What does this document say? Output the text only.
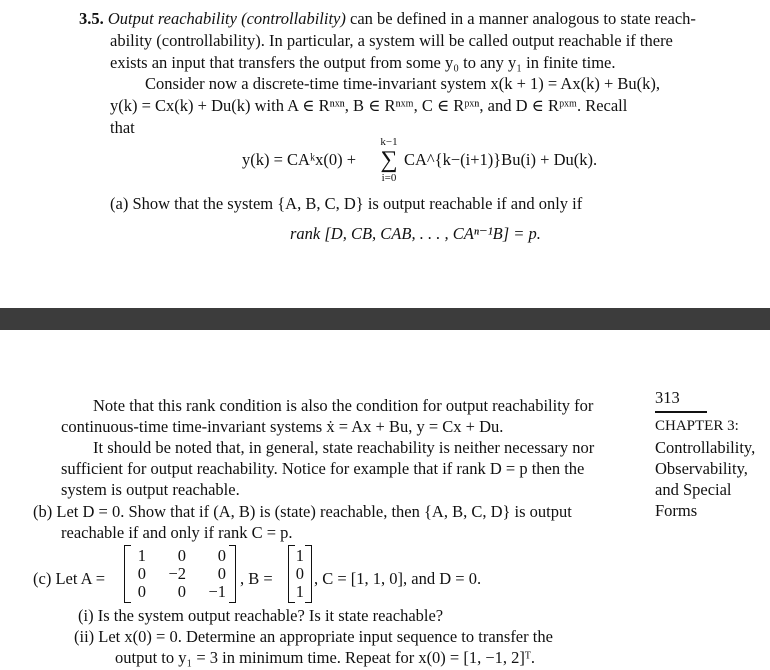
3.5. Output reachability (controllability) can be defined in a manner analogous to state reach-
ability (controllability). In particular, a system will be called output reachable if there
exists an input that transfers the output from some y₀ to any y₁ in finite time.
Consider now a discrete-time time-invariant system x(k + 1) = Ax(k) + Bu(k),
y(k) = Cx(k) + Du(k) with A ∈ Rⁿˣⁿ, B ∈ Rⁿˣᵐ, C ∈ Rᵖˣⁿ, and D ∈ Rᵖˣᵐ. Recall
that
y(k) = CAᵏx(0) +
k−1
∑
i=0
CA^{k−(i+1)}Bu(i) + Du(k).
(a) Show that the system {A, B, C, D} is output reachable if and only if
rank [D, CB, CAB, . . . , CAⁿ⁻¹B] = p.
Note that this rank condition is also the condition for output reachability for
continuous-time time-invariant systems ẋ = Ax + Bu, y = Cx + Du.
It should be noted that, in general, state reachability is neither necessary nor
sufficient for output reachability. Notice for example that if rank D = p then the
system is output reachable.
(b) Let D = 0. Show that if (A, B) is (state) reachable, then {A, B, C, D} is output
reachable if and only if rank C = p.
(c) Let A =
1	0	0
0 −2	0
0	0 −1
, B =
1
0
1
, C = [1, 1, 0], and D = 0.
(i) Is the system output reachable? Is it state reachable?
(ii) Let x(0) = 0. Determine an appropriate input sequence to transfer the
output to y₁ = 3 in minimum time. Repeat for x(0) = [1, −1, 2]ᵀ.
313
CHAPTER 3:
Controllability,
Observability,
and Special
Forms
